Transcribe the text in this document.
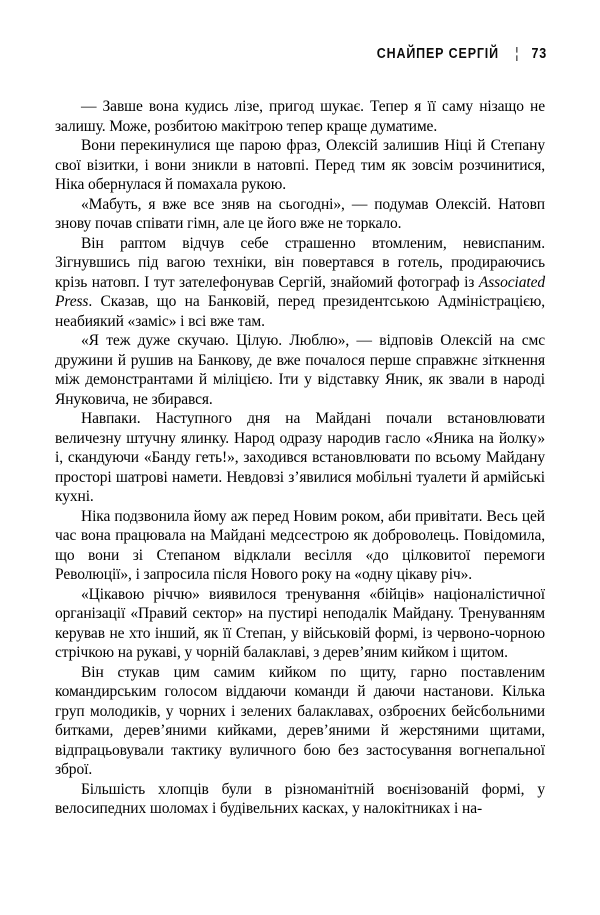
СНАЙПЕР СЕРГІЙ ¦ 73

— Завше вона кудись лізе, пригод шукає. Тепер я її саму нізащо не залишу. Може, розбитою макітрою тепер краще думатиме.

Вони перекинулися ще парою фраз, Олексій залишив Ніці й Степану свої візитки, і вони зникли в натовпі. Перед тим як зовсім розчинитися, Ніка обернулася й помахала рукою.

«Мабуть, я вже все зняв на сьогодні», — подумав Олексій. Натовп знову почав співати гімн, але це його вже не торкало.

Він раптом відчув себе страшенно втомленим, невиспаним. Зігнувшись під вагою техніки, він повертався в готель, продираючись крізь натовп. І тут зателефонував Сергій, знайомий фотограф із Associated Press. Сказав, що на Банковій, перед президентською Адміністрацією, неабиякий «заміс» і всі вже там.

«Я теж дуже скучаю. Цілую. Люблю», — відповів Олексій на смс дружини й рушив на Банкову, де вже почалося перше справжнє зіткнення між демонстрантами й міліцією. Іти у відставку Яник, як звали в народі Януковича, не збирався.

Навпаки. Наступного дня на Майдані почали встановлювати величезну штучну ялинку. Народ одразу народив гасло «Яника на йолку» і, скандуючи «Банду геть!», заходився встановлювати по всьому Майдану просторі шатрові намети. Невдовзі з’явилися мобільні туалети й армійські кухні.

Ніка подзвонила йому аж перед Новим роком, аби привітати. Весь цей час вона працювала на Майдані медсестрою як доброволець. Повідомила, що вони зі Степаном відклали весілля «до цілковитої перемоги Революції», і запросила після Нового року на «одну цікаву річ».

«Цікавою річчю» виявилося тренування «бійців» націоналістичної організації «Правий сектор» на пустирі неподалік Майдану. Тренуванням керував не хто інший, як її Степан, у військовій формі, із червоно-чорною стрічкою на рукаві, у чорній балаклаві, з дерев’яним кийком і щитом.

Він стукав цим самим кийком по щиту, гарно поставленим командирським голосом віддаючи команди й даючи настанови. Кілька груп молодиків, у чорних і зелених балаклавах, озброєних бейсбольними битками, дерев’яними кийками, дерев’яними й жерстяними щитами, відпрацьовували тактику вуличного бою без застосування вогнепальної зброї.

Більшість хлопців були в різноманітній воєнізованій формі, у велосипедних шоломах і будівельних касках, у налокітниках і на-
